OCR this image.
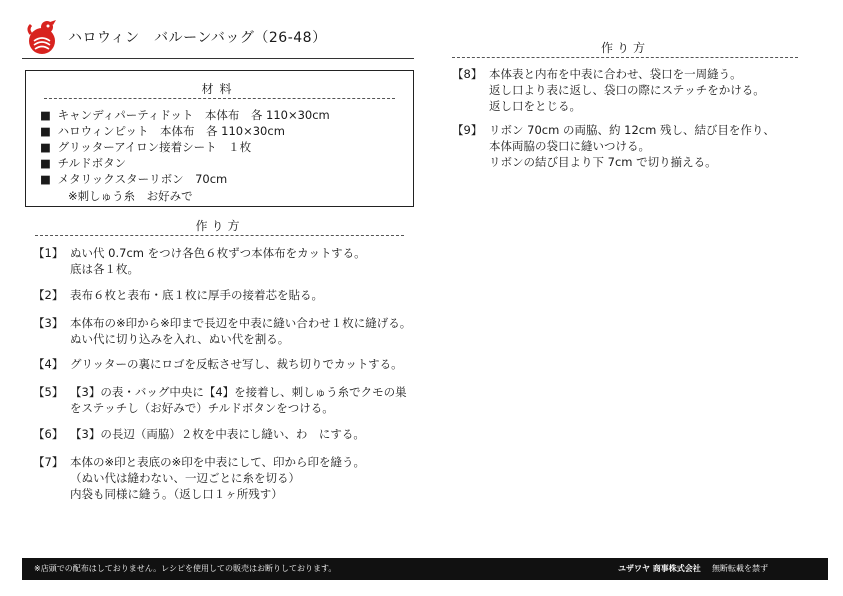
ハロウィン　バルーンバッグ（26-48）
材料
■ キャンディパーティドット　本体布　各 110×30cm
■ ハロウィンピット　本体布　各 110×30cm
■ グリッターアイロン接着シート　１枚
■ チルドボタン
■ メタリックスターリボン　70cm
※刺しゅう糸　お好みで
作り方
【1】 ぬい代 0.7cm をつけ各色６枚ずつ本体布をカットする。
底は各１枚。
【2】 表布６枚と表布・底１枚に厚手の接着芯を貼る。
【3】 本体布の※印から※印まで長辺を中表に縫い合わせ１枚に縫げる。
ぬい代に切り込みを入れ、ぬい代を割る。
【4】 グリッターの裏にロゴを反転させ写し、裁ち切りでカットする。
【5】 【3】の表・バッグ中央に【4】を接着し、刺しゅう糸でクモの巣
をステッチし（お好みで）チルドボタンをつける。
【6】 【3】の長辺（両脇）２枚を中表にし縫い、わ　にする。
【7】 本体の※印と表底の※印を中表にして、印から印を縫う。
（ぬい代は縫わない、一辺ごとに糸を切る）
内袋も同様に縫う。（返し口１ヶ所残す）
作り方
【8】 本体表と内布を中表に合わせ、袋口を一周縫う。
返し口より表に返し、袋口の際にステッチをかける。
返し口をとじる。
【9】 リボン 70cm の両脇、約 12cm 残し、結び目を作り、
本体両脇の袋口に縫いつける。
リボンの結び目より下 7cm で切り揃える。
※店頭での配布はしておりません。レシピを使用しての販売はお断りしております。	ユザワヤ 商事株式会社 無断転載を禁ず
